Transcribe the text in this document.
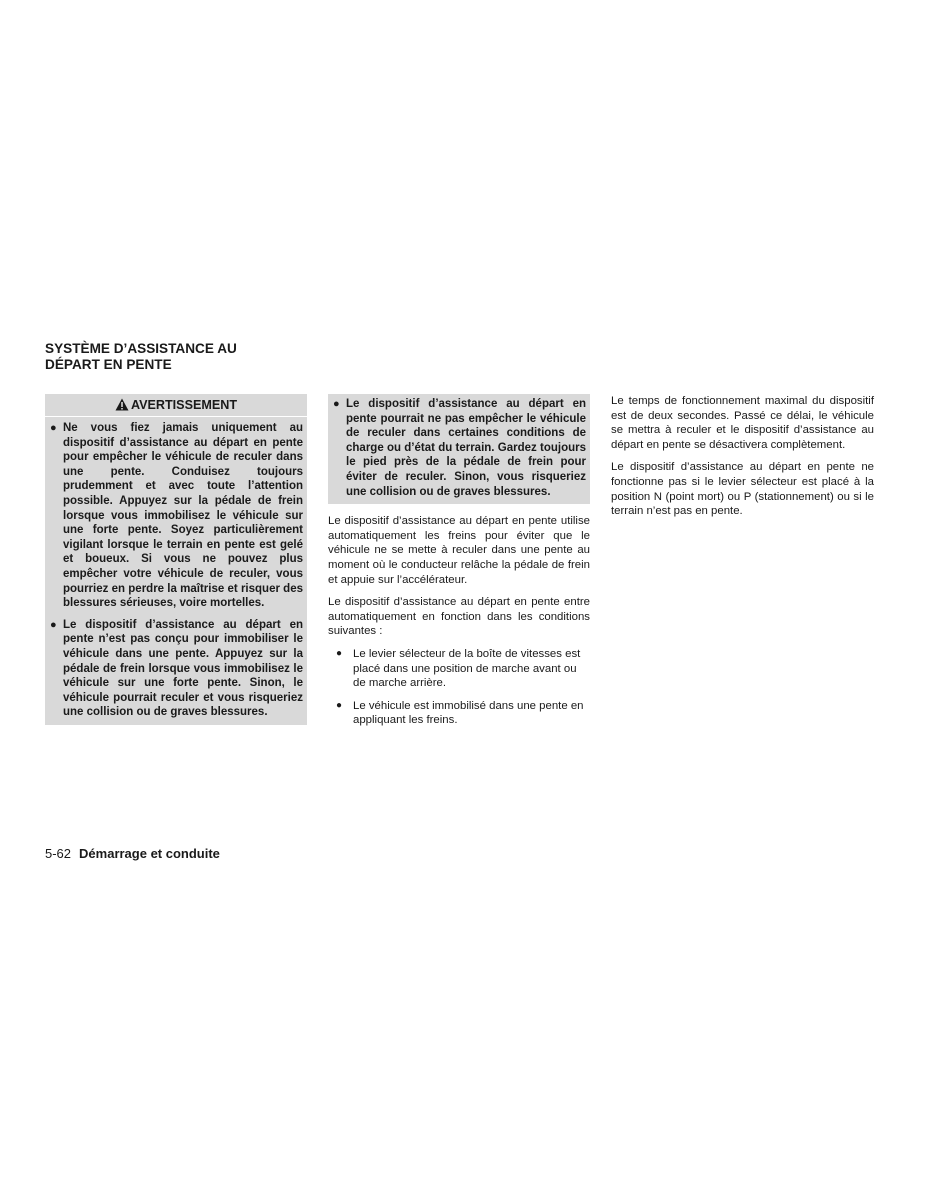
SYSTÈME D’ASSISTANCE AU
DÉPART EN PENTE
AVERTISSEMENT
● Ne vous fiez jamais uniquement au dispositif d’assistance au départ en pente pour empêcher le véhicule de reculer dans une pente. Conduisez toujours prudemment et avec toute l’attention possible. Appuyez sur la pédale de frein lorsque vous immobilisez le véhicule sur une forte pente. Soyez particulièrement vigilant lorsque le terrain en pente est gelé et boueux. Si vous ne pouvez plus empêcher votre véhicule de reculer, vous pourriez en perdre la maîtrise et risquer des blessures sérieuses, voire mortelles.
● Le dispositif d’assistance au départ en pente n’est pas conçu pour immobiliser le véhicule dans une pente. Appuyez sur la pédale de frein lorsque vous immobilisez le véhicule sur une forte pente. Sinon, le véhicule pourrait reculer et vous risqueriez une collision ou de graves blessures.
● Le dispositif d’assistance au départ en pente pourrait ne pas empêcher le véhicule de reculer dans certaines conditions de charge ou d’état du terrain. Gardez toujours le pied près de la pédale de frein pour éviter de reculer. Sinon, vous risqueriez une collision ou de graves blessures.

Le dispositif d’assistance au départ en pente utilise automatiquement les freins pour éviter que le véhicule ne se mette à reculer dans une pente au moment où le conducteur relâche la pédale de frein et appuie sur l’accélérateur.

Le dispositif d’assistance au départ en pente entre automatiquement en fonction dans les conditions suivantes :

● Le levier sélecteur de la boîte de vitesses est placé dans une position de marche avant ou de marche arrière.
● Le véhicule est immobilisé dans une pente en appliquant les freins.

Le temps de fonctionnement maximal du dispositif est de deux secondes. Passé ce délai, le véhicule se mettra à reculer et le dispositif d’assistance au départ en pente se désactivera complètement.

Le dispositif d’assistance au départ en pente ne fonctionne pas si le levier sélecteur est placé à la position N (point mort) ou P (stationnement) ou si le terrain n’est pas en pente.

5-62 Démarrage et conduite
